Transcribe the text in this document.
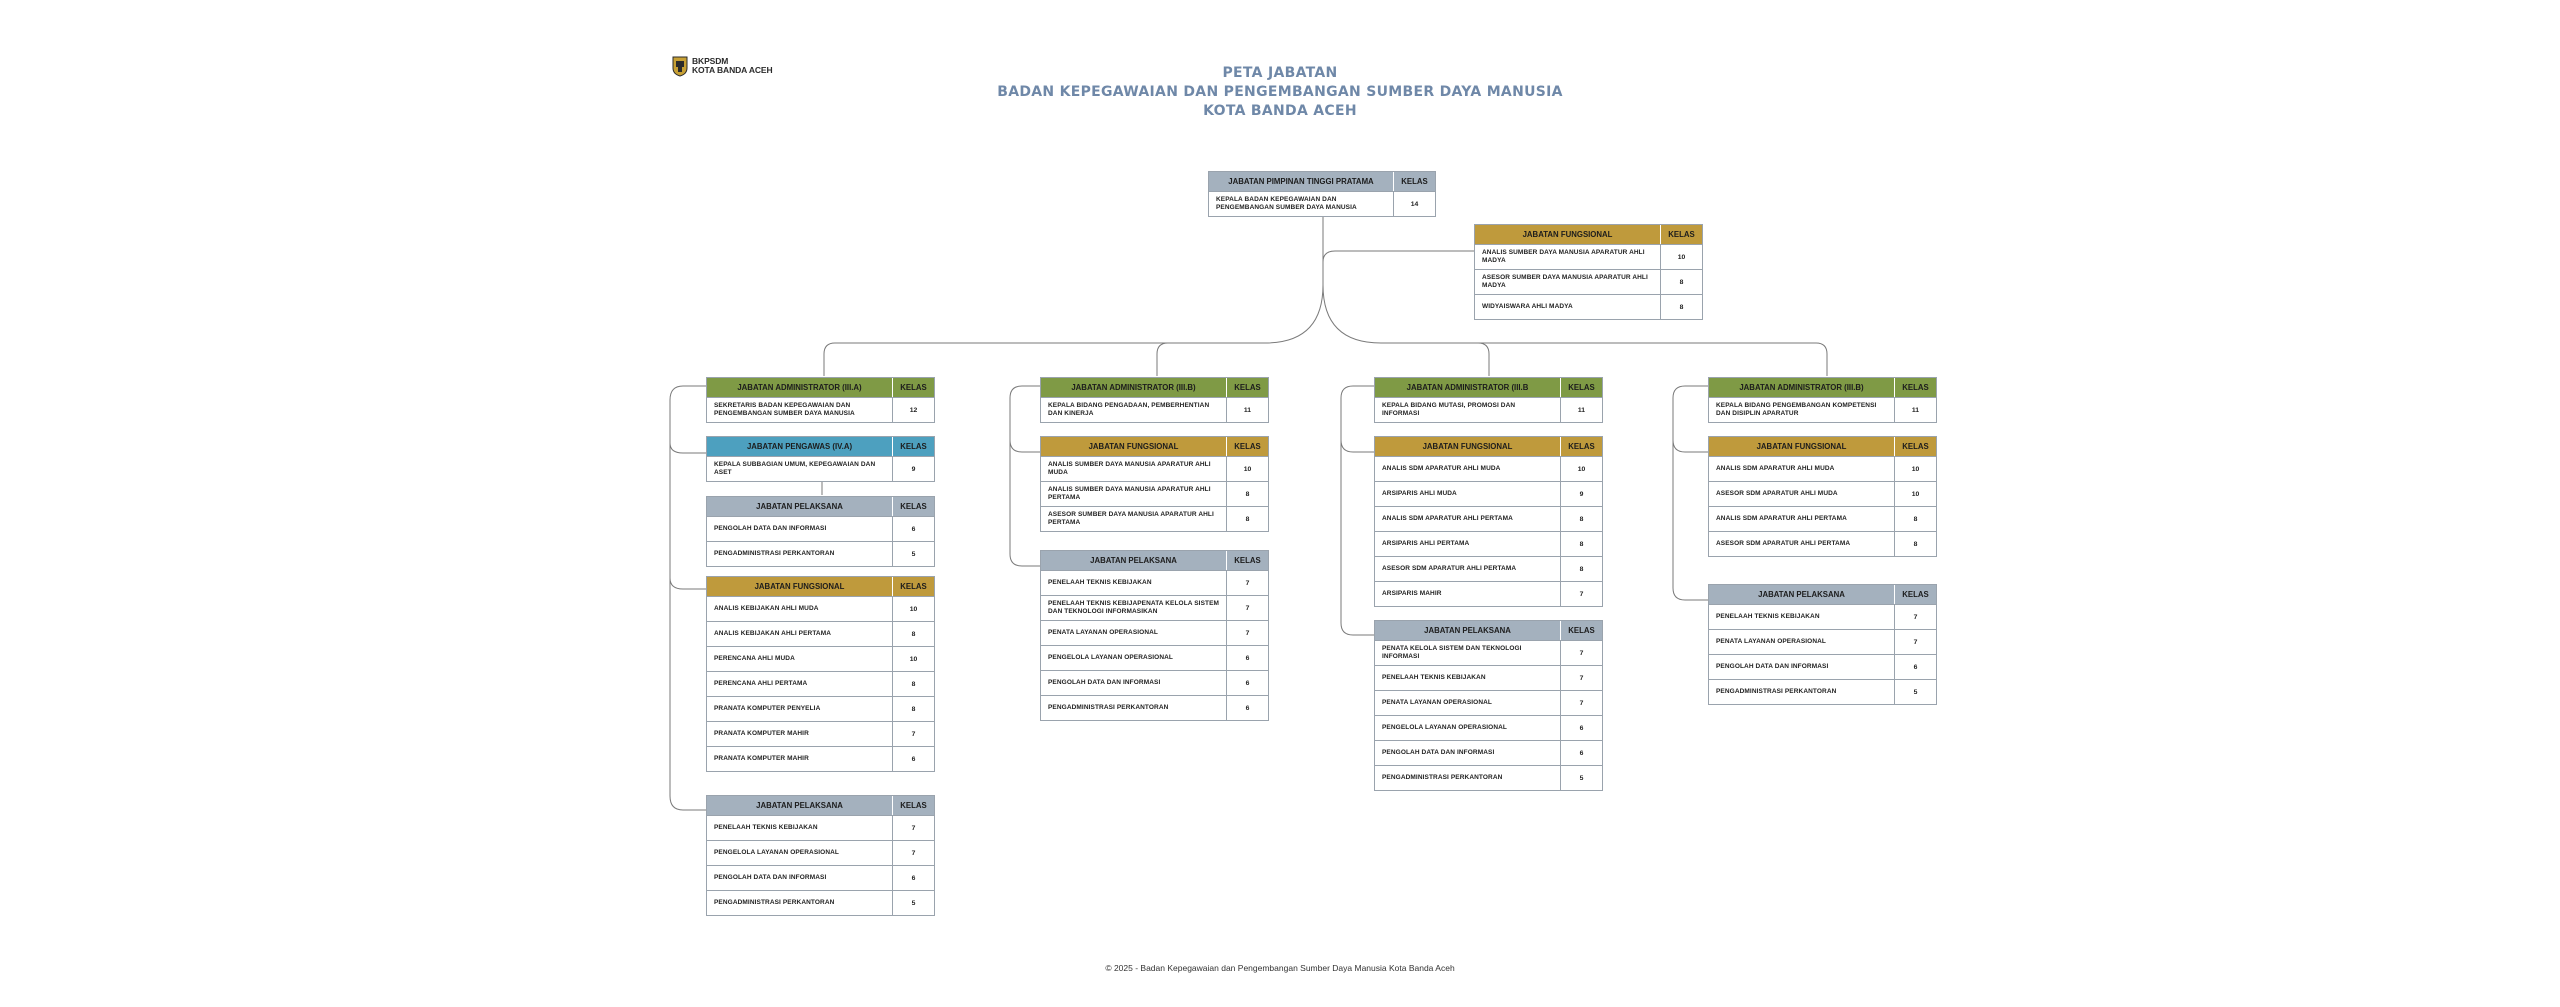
BKPSDM
KOTA BANDA ACEH	PETA JABATAN
BADAN KEPEGAWAIAN DAN PENGEMBANGAN SUMBER DAYA MANUSIA
KOTA BANDA ACEH
JABATAN PIMPINAN TINGGI PRATAMA	KELAS
KEPALA BADAN KEPEGAWAIAN DAN PENGEMBANGAN SUMBER DAYA MANUSIA	14
JABATAN FUNGSIONAL	KELAS
ANALIS SUMBER DAYA MANUSIA APARATUR AHLI MADYA	10
ASESOR SUMBER DAYA MANUSIA APARATUR AHLI MADYA	8
WIDYAISWARA AHLI MADYA	8
JABATAN ADMINISTRATOR (III.A)	KELAS
SEKRETARIS BADAN KEPEGAWAIAN DAN PENGEMBANGAN SUMBER DAYA MANUSIA	12
JABATAN PENGAWAS (IV.A)	KELAS
KEPALA SUBBAGIAN UMUM, KEPEGAWAIAN DAN ASET	9
JABATAN PELAKSANA	KELAS
PENGOLAH DATA DAN INFORMASI	6
PENGADMINISTRASI PERKANTORAN	5
JABATAN FUNGSIONAL	KELAS
ANALIS KEBIJAKAN AHLI MUDA	10
ANALIS KEBIJAKAN AHLI PERTAMA	8
PERENCANA AHLI MUDA	10
PERENCANA AHLI PERTAMA	8
PRANATA KOMPUTER PENYELIA	8
PRANATA KOMPUTER MAHIR	7
PRANATA KOMPUTER MAHIR	6
JABATAN PELAKSANA	KELAS
PENELAAH TEKNIS KEBIJAKAN	7
PENGELOLA LAYANAN OPERASIONAL	7
PENGOLAH DATA DAN INFORMASI	6
PENGADMINISTRASI PERKANTORAN	5
JABATAN ADMINISTRATOR (III.B)	KELAS
KEPALA BIDANG PENGADAAN, PEMBERHENTIAN DAN KINERJA	11
JABATAN FUNGSIONAL	KELAS
ANALIS SUMBER DAYA MANUSIA APARATUR AHLI MUDA	10
ANALIS SUMBER DAYA MANUSIA APARATUR AHLI PERTAMA	8
ASESOR SUMBER DAYA MANUSIA APARATUR AHLI PERTAMA	8
JABATAN PELAKSANA	KELAS
PENELAAH TEKNIS KEBIJAKAN	7
PENELAAH TEKNIS KEBIJAPENATA KELOLA SISTEM DAN TEKNOLOGI INFORMASIKAN	7
PENATA LAYANAN OPERASIONAL	7
PENGELOLA LAYANAN OPERASIONAL	6
PENGOLAH DATA DAN INFORMASI	6
PENGADMINISTRASI PERKANTORAN	6
JABATAN ADMINISTRATOR (III.B	KELAS
KEPALA BIDANG MUTASI, PROMOSI DAN INFORMASI	11
JABATAN FUNGSIONAL	KELAS
ANALIS SDM APARATUR AHLI MUDA	10
ARSIPARIS AHLI MUDA	9
ANALIS SDM APARATUR AHLI PERTAMA	8
ARSIPARIS AHLI PERTAMA	8
ASESOR SDM APARATUR AHLI PERTAMA	8
ARSIPARIS MAHIR	7
JABATAN PELAKSANA	KELAS
PENATA KELOLA SISTEM DAN TEKNOLOGI INFORMASI	7
PENELAAH TEKNIS KEBIJAKAN	7
PENATA LAYANAN OPERASIONAL	7
PENGELOLA LAYANAN OPERASIONAL	6
PENGOLAH DATA DAN INFORMASI	6
PENGADMINISTRASI PERKANTORAN	5
JABATAN ADMINISTRATOR (III.B)	KELAS
KEPALA BIDANG PENGEMBANGAN KOMPETENSI DAN DISIPLIN APARATUR	11
JABATAN FUNGSIONAL	KELAS
ANALIS SDM APARATUR AHLI MUDA	10
ASESOR SDM APARATUR AHLI MUDA	10
ANALIS SDM APARATUR AHLI PERTAMA	8
ASESOR SDM APARATUR AHLI PERTAMA	8
JABATAN PELAKSANA	KELAS
PENELAAH TEKNIS KEBIJAKAN	7
PENATA LAYANAN OPERASIONAL	7
PENGOLAH DATA DAN INFORMASI	6
PENGADMINISTRASI PERKANTORAN	5
© 2025 - Badan Kepegawaian dan Pengembangan Sumber Daya Manusia Kota Banda Aceh
